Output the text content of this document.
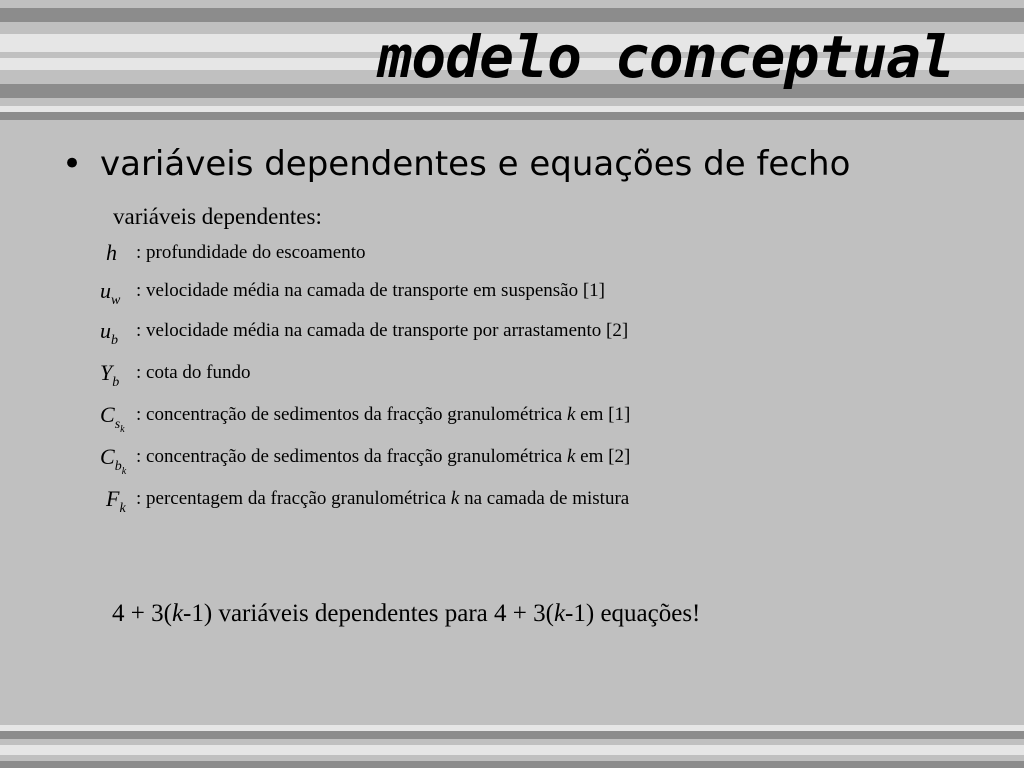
modelo conceptual
• variáveis dependentes e equações de fecho
variáveis dependentes:
h	: profundidade do escoamento
$u_w$ : velocidade média na camada de transporte em suspensão [1]
$u_b$ : velocidade média na camada de transporte por arrastamento [2]
$Y_b$ : cota do fundo
$C_{s_k}$
: concentração de sedimentos da fracção granulométrica k em [1]
$C_{b_k}$
: concentração de sedimentos da fracção granulométrica k em [2]
$F_k$ : percentagem da fracção granulométrica k na camada de mistura
4 + 3(k-1) variáveis dependentes para 4 + 3(k-1) equações!
